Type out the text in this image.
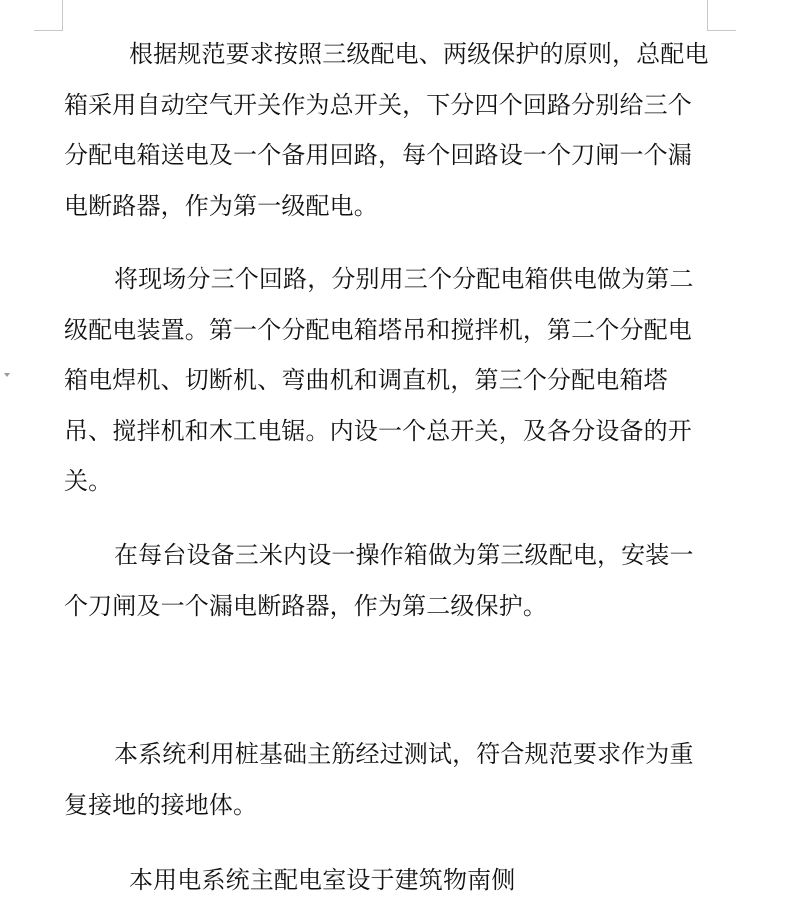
根据规范要求按照三级配电、两级保护的原则，总配电箱采用自动空气开关作为总开关，下分四个回路分别给三个分配电箱送电及一个备用回路，每个回路设一个刀闸一个漏电断路器，作为第一级配电。

将现场分三个回路，分别用三个分配电箱供电做为第二级配电装置。第一个分配电箱塔吊和搅拌机，第二个分配电箱电焊机、切断机、弯曲机和调直机，第三个分配电箱塔吊、搅拌机和木工电锯。内设一个总开关，及各分设备的开关。

在每台设备三米内设一操作箱做为第三级配电，安装一个刀闸及一个漏电断路器，作为第二级保护。

本系统利用桩基础主筋经过测试，符合规范要求作为重复接地的接地体。

本用电系统主配电室设于建筑物南侧
